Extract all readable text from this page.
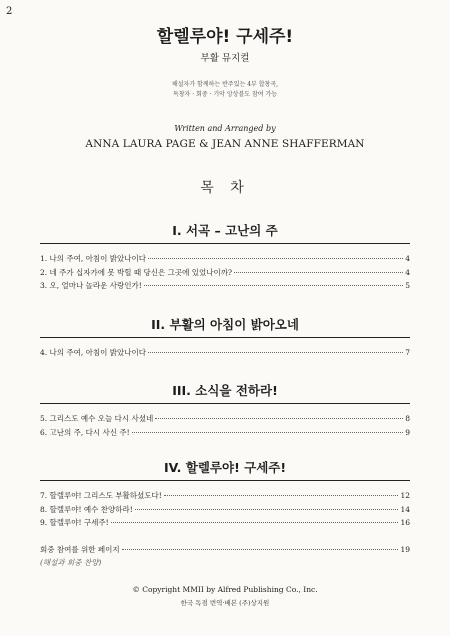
2
할렐루야! 구세주!
부활 뮤지컬
해설자가 함께하는 반주있는 4부 합창곡,
독창자 · 회중 · 기악 앙상블도 참여 가능
Written and Arranged by
ANNA LAURA PAGE & JEAN ANNE SHAFFERMAN
목 차
I. 서곡 – 고난의 주
1. 나의 주여, 아침이 밝았나이다	4
2. 네 주가 십자가에 못 박힐 때 당신은 그곳에 있었나이까?	4
3. 오, 얼마나 놀라운 사랑인가!	5
II. 부활의 아침이 밝아오네
4. 나의 주여, 아침이 밝았나이다	7
III. 소식을 전하라!
5. 그리스도 예수 오늘 다시 사셨네	8
6. 고난의 주, 다시 사신 주!	9
IV. 할렐루야! 구세주!
7. 할렐루야! 그리스도 부활하셨도다!	12
8. 할렐루야! 예수 찬양하라!	14
9. 할렐루야! 구세주!	16
회중 참여를 위한 페이지	19
(해설과 회중 찬양)
© Copyright MMII by Alfred Publishing Co., Inc.
한국 독점 번역·배본 (주)상지원
